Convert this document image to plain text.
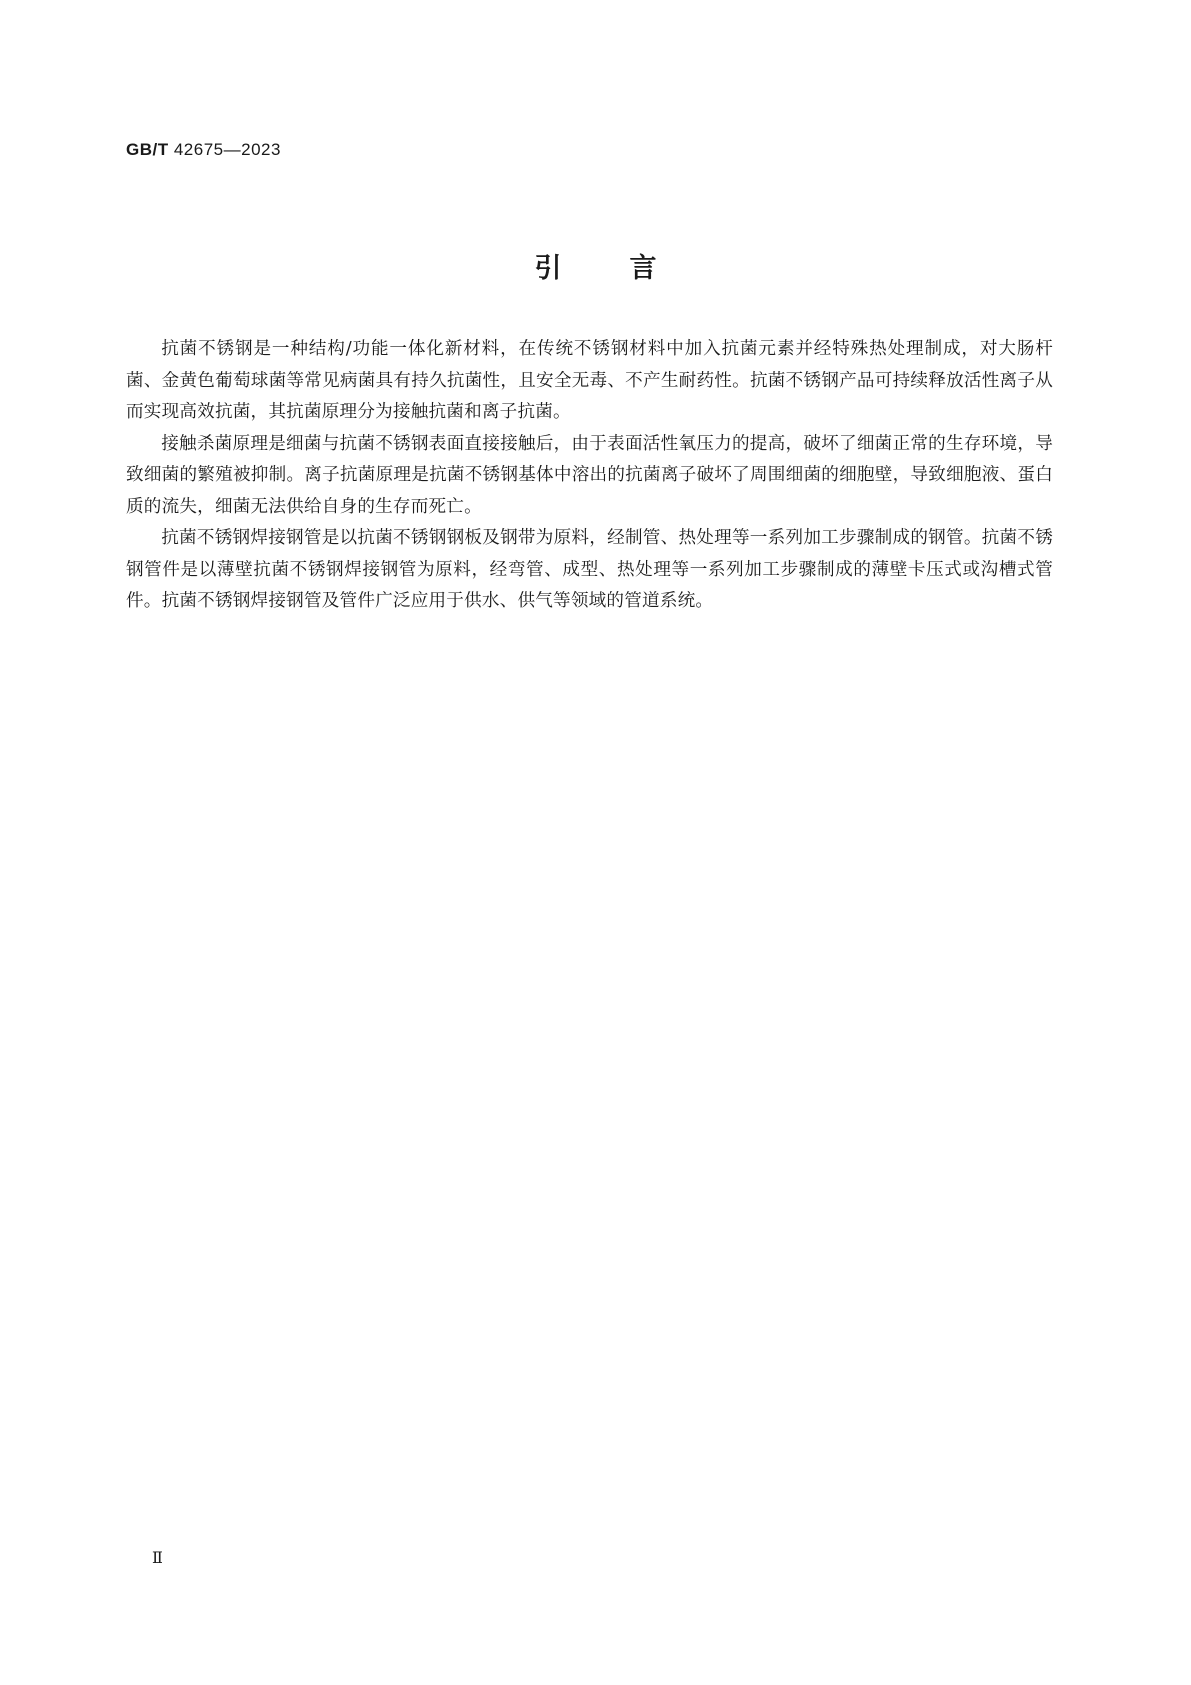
GB/T 42675—2023
引	言

抗菌不锈钢是一种结构/功能一体化新材料，在传统不锈钢材料中加入抗菌元素并经特殊热处理制成，对大肠杆菌、金黄色葡萄球菌等常见病菌具有持久抗菌性，且安全无毒、不产生耐药性。抗菌不锈钢产品可持续释放活性离子从而实现高效抗菌，其抗菌原理分为接触抗菌和离子抗菌。

接触杀菌原理是细菌与抗菌不锈钢表面直接接触后，由于表面活性氧压力的提高，破坏了细菌正常的生存环境，导致细菌的繁殖被抑制。离子抗菌原理是抗菌不锈钢基体中溶出的抗菌离子破坏了周围细菌的细胞壁，导致细胞液、蛋白质的流失，细菌无法供给自身的生存而死亡。

抗菌不锈钢焊接钢管是以抗菌不锈钢钢板及钢带为原料，经制管、热处理等一系列加工步骤制成的钢管。抗菌不锈钢管件是以薄壁抗菌不锈钢焊接钢管为原料，经弯管、成型、热处理等一系列加工步骤制成的薄壁卡压式或沟槽式管件。抗菌不锈钢焊接钢管及管件广泛应用于供水、供气等领域的管道系统。

Ⅱ
